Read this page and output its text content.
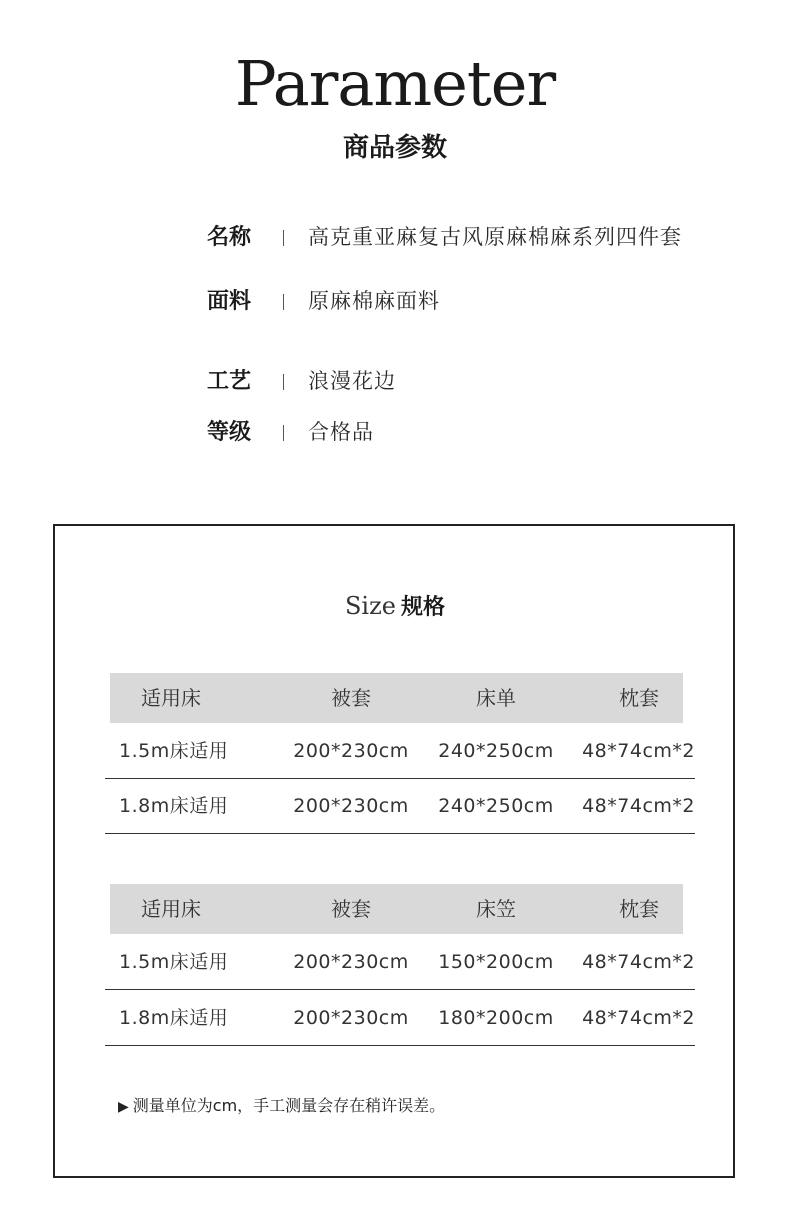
Parameter
商品参数
名称	高克重亚麻复古风原麻棉麻系列四件套
面料	原麻棉麻面料
工艺	浪漫花边
等级	合格品
Size 规格
适用床	被套	床单	枕套
1.5m床适用	200*230cm 240*250cm 48*74cm*2
1.8m床适用	200*230cm 240*250cm 48*74cm*2
适用床	被套	床笠	枕套
1.5m床适用	200*230cm 150*200cm 48*74cm*2
1.8m床适用	200*230cm 180*200cm 48*74cm*2
▶ 测量单位为cm，手工测量会存在稍许误差。
